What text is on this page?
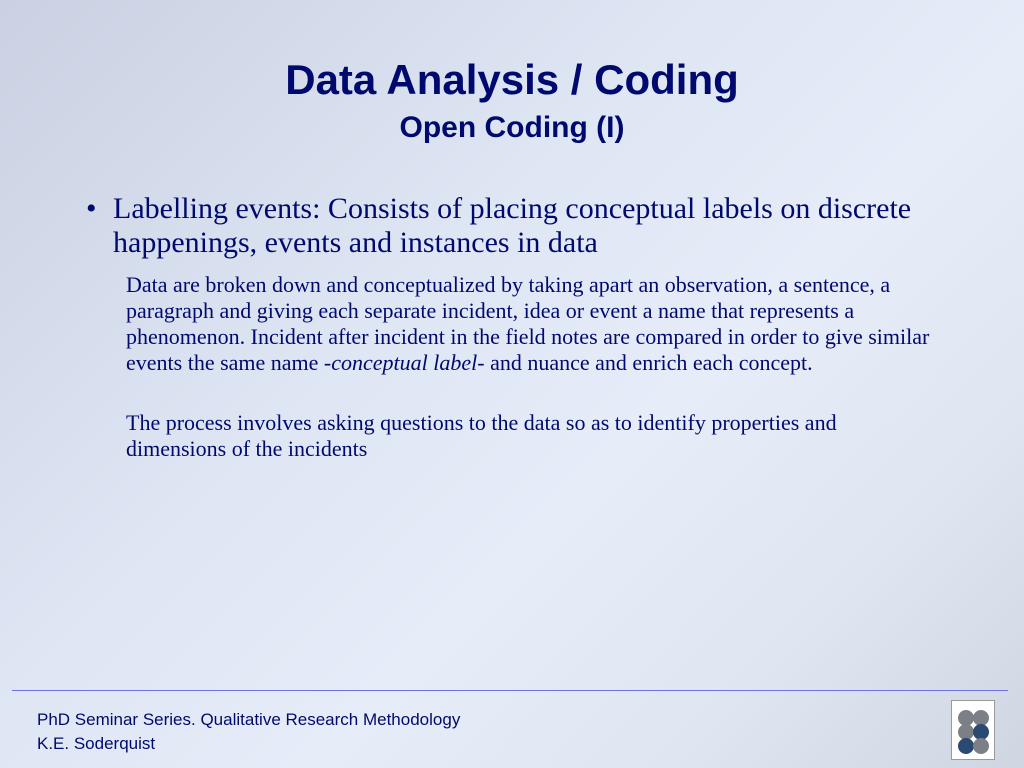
Data Analysis / Coding
Open Coding (I)
• Labelling events: Consists of placing conceptual labels on discrete happenings, events and instances in data

Data are broken down and conceptualized by taking apart an observation, a sentence, a paragraph and giving each separate incident, idea or event a name that represents a phenomenon. Incident after incident in the field notes are compared in order to give similar events the same name -conceptual label- and nuance and enrich each concept.

The process involves asking questions to the data so as to identify properties and dimensions of the incidents

PhD Seminar Series. Qualitative Research Methodology

K.E. Soderquist
